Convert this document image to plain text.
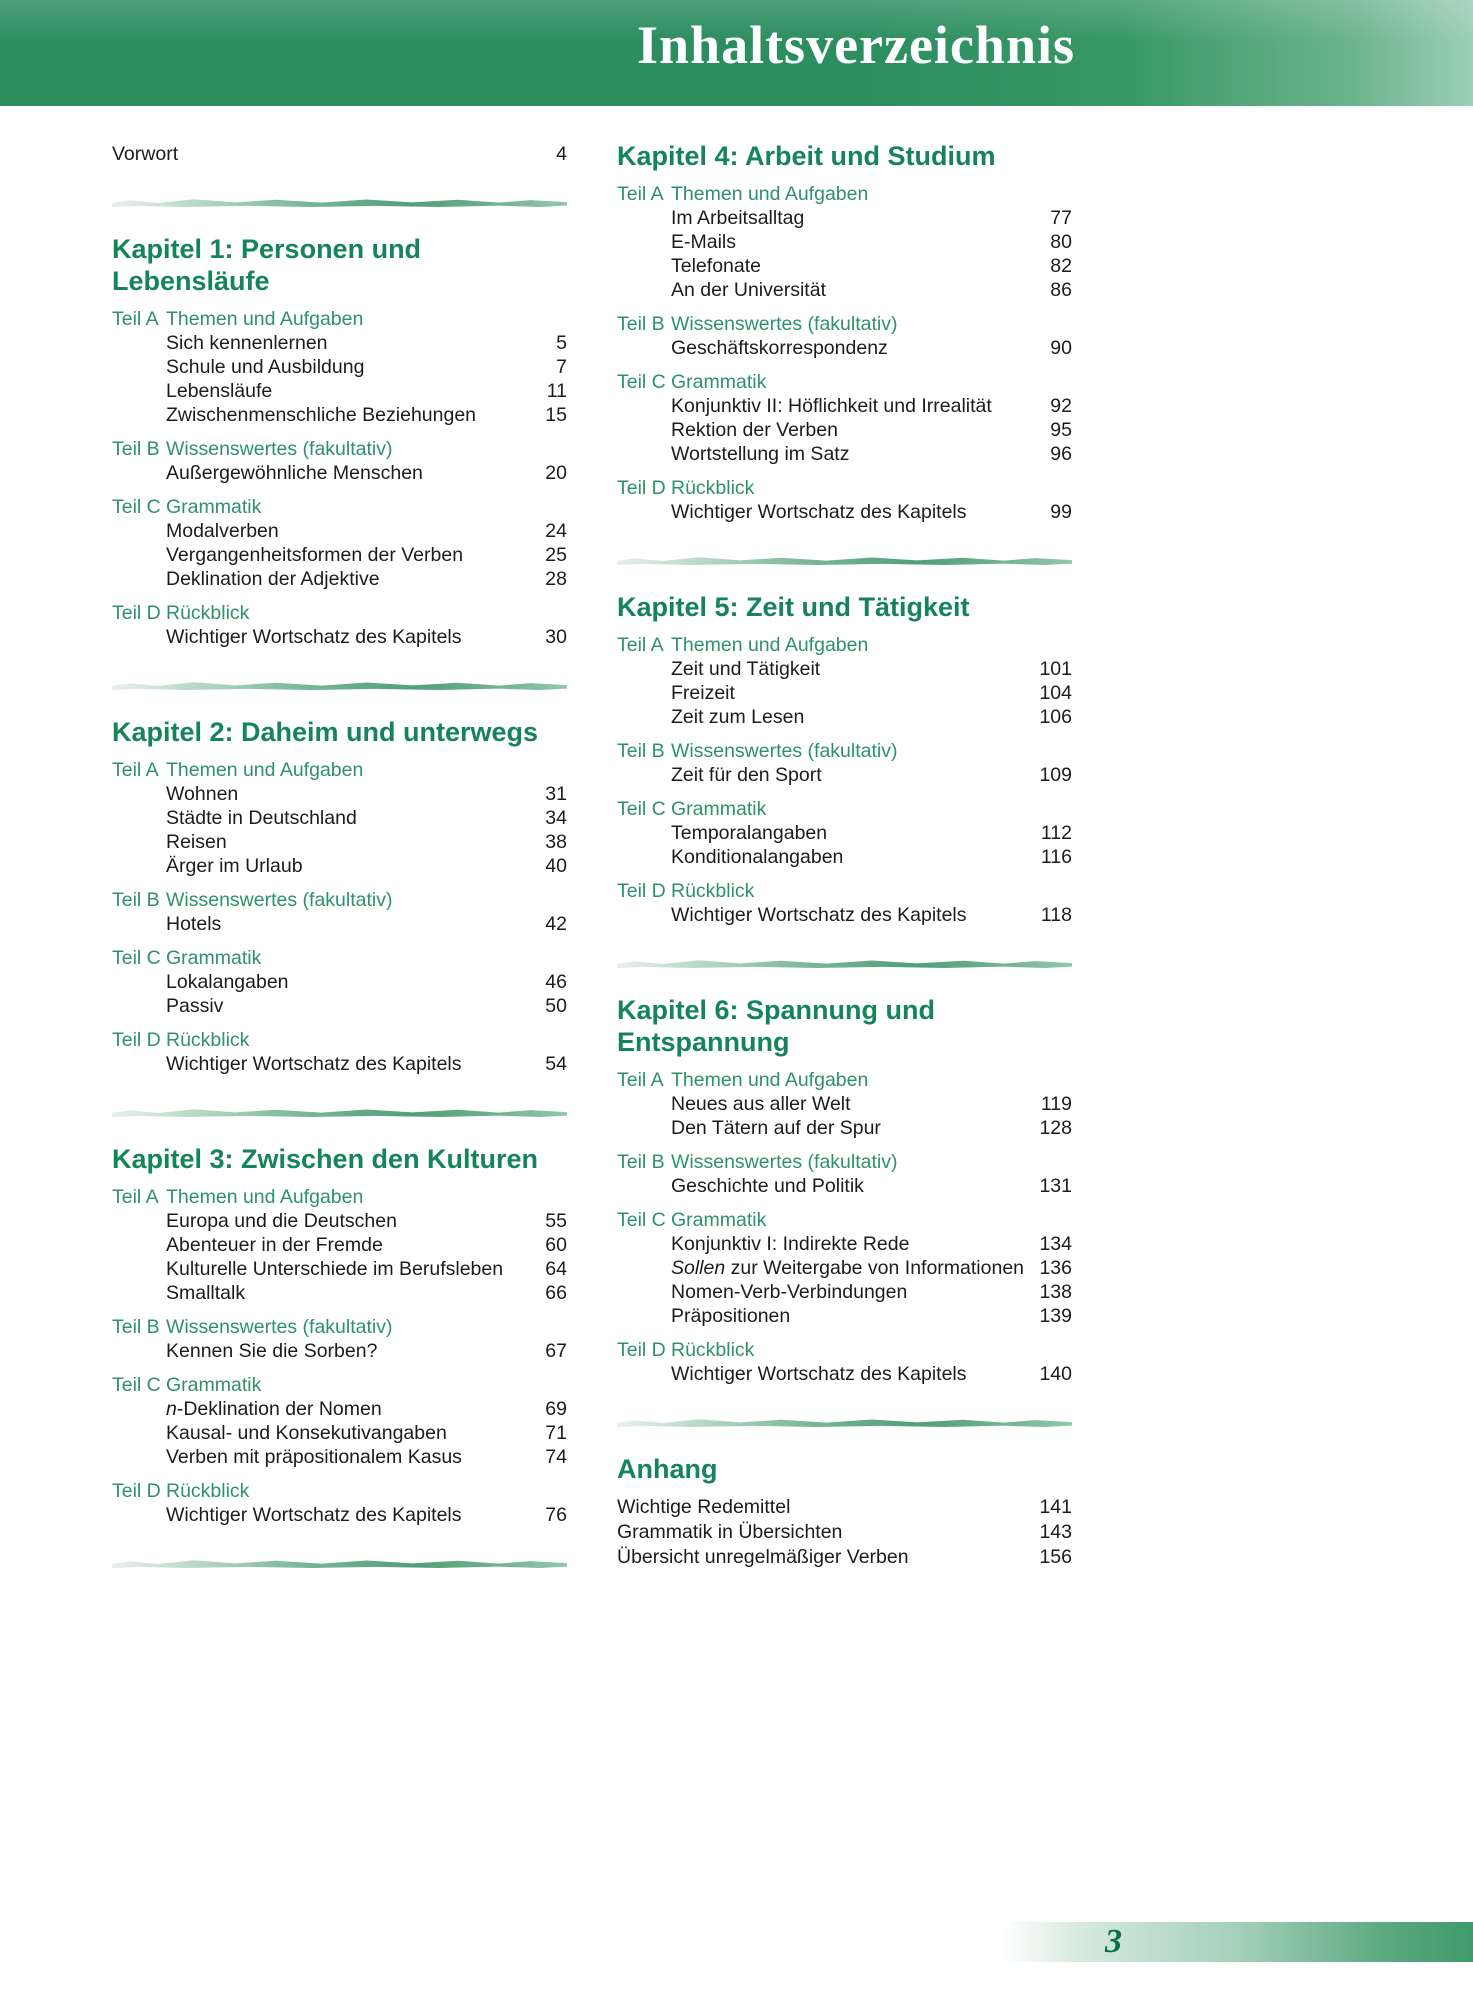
Inhaltsverzeichnis
Vorwort	4
Kapitel 1: Personen und Lebensläufe
Teil A Themen und Aufgaben
Sich kennenlernen	5
Schule und Ausbildung	7
Lebensläufe	11
Zwischenmenschliche Beziehungen	15
Teil B Wissenswertes (fakultativ)
Außergewöhnliche Menschen	20
Teil C Grammatik
Modalverben	24
Vergangenheitsformen der Verben	25
Deklination der Adjektive	28
Teil D Rückblick
Wichtiger Wortschatz des Kapitels	30
Kapitel 2: Daheim und unterwegs
Teil A Themen und Aufgaben
Wohnen	31
Städte in Deutschland	34
Reisen	38
Ärger im Urlaub	40
Teil B Wissenswertes (fakultativ)
Hotels	42
Teil C Grammatik
Lokalangaben	46
Passiv	50
Teil D Rückblick
Wichtiger Wortschatz des Kapitels	54
Kapitel 3: Zwischen den Kulturen
Teil A Themen und Aufgaben
Europa und die Deutschen	55
Abenteuer in der Fremde	60
Kulturelle Unterschiede im Berufsleben	64
Smalltalk	66
Teil B Wissenswertes (fakultativ)
Kennen Sie die Sorben?	67
Teil C Grammatik
n-Deklination der Nomen	69
Kausal- und Konsekutivangaben	71
Verben mit präpositionalem Kasus	74
Teil D Rückblick
Wichtiger Wortschatz des Kapitels	76
Kapitel 4: Arbeit und Studium
Teil A Themen und Aufgaben
Im Arbeitsalltag	77
E-Mails	80
Telefonate	82
An der Universität	86
Teil B Wissenswertes (fakultativ)
Geschäftskorrespondenz	90
Teil C Grammatik
Konjunktiv II: Höflichkeit und Irrealität	92
Rektion der Verben	95
Wortstellung im Satz	96
Teil D Rückblick
Wichtiger Wortschatz des Kapitels	99
Kapitel 5: Zeit und Tätigkeit
Teil A Themen und Aufgaben
Zeit und Tätigkeit	101
Freizeit	104
Zeit zum Lesen	106
Teil B Wissenswertes (fakultativ)
Zeit für den Sport	109
Teil C Grammatik
Temporalangaben	112
Konditionalangaben	116
Teil D Rückblick
Wichtiger Wortschatz des Kapitels	118
Kapitel 6: Spannung und Entspannung
Teil A Themen und Aufgaben
Neues aus aller Welt	119
Den Tätern auf der Spur	128
Teil B Wissenswertes (fakultativ)
Geschichte und Politik	131
Teil C Grammatik
Konjunktiv I: Indirekte Rede	134
Sollen zur Weitergabe von Informationen 136
Nomen-Verb-Verbindungen	138
Präpositionen	139
Teil D Rückblick
Wichtiger Wortschatz des Kapitels	140
Anhang
Wichtige Redemittel	141
Grammatik in Übersichten	143
Übersicht unregelmäßiger Verben	156
3
